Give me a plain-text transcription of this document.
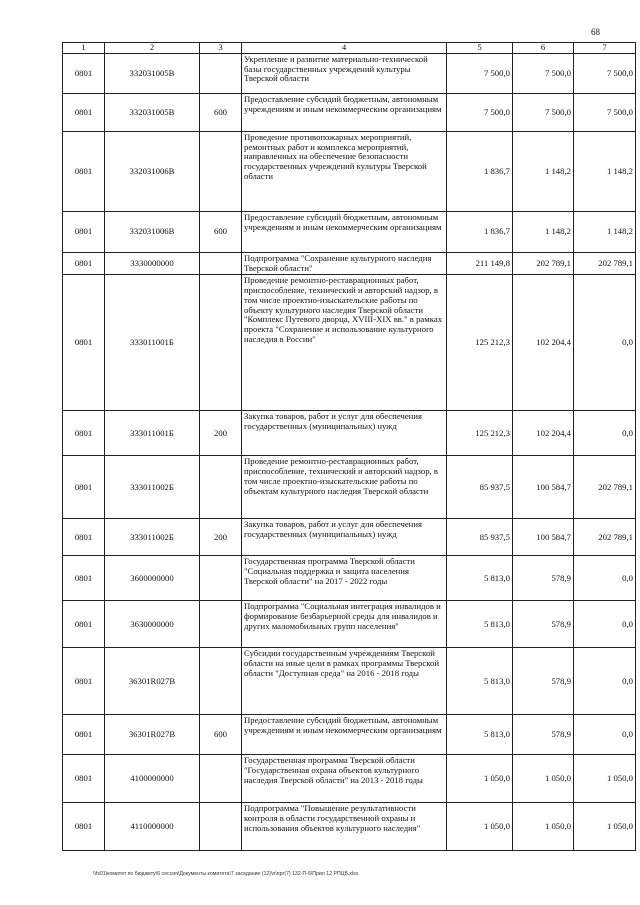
68
1	2	3	4	5	6	7
0801	332031005В		Укрепление и развитие материально-технической базы государственных учреждений культуры Тверской области	7 500,0	7 500,0	7 500,0
0801	332031005В	600	Предоставление субсидий бюджетным, автономным учреждениям и иным некоммерческим организациям	7 500,0	7 500,0	7 500,0
0801	332031006В		Проведение противопожарных мероприятий, ремонтных работ и комплекса мероприятий, направленных на обеспечение безопасности государственных учреждений культуры Тверской области	1 836,7	1 148,2	1 148,2
0801	332031006В	600	Предоставление субсидий бюджетным, автономным учреждениям и иным некоммерческим организациям	1 836,7	1 148,2	1 148,2
0801	3330000000		Подпрограмма "Сохранение культурного наследия Тверской области"	211 149,8	202 789,1	202 789,1
0801	333011001Б		Проведение ремонтно-реставрационных работ, приспособление, технический и авторский надзор, в том числе проектно-изыскательские работы по объекту культурного наследия Тверской области "Комплекс Путевого дворца, XVIII-XIX вв." в рамках проекта "Сохранение и использование культурного наследия в России"	125 212,3	102 204,4	0,0
0801	333011001Б	200	Закупка товаров, работ и услуг для обеспечения государственных (муниципальных) нужд	125 212,3	102 204,4	0,0
0801	333011002Б		Проведение ремонтно-реставрационных работ, приспособление, технический и авторский надзор, в том числе проектно-изыскательские работы по объектам культурного наследия Тверской области	85 937,5	100 584,7	202 789,1
0801	333011002Б	200	Закупка товаров, работ и услуг для обеспечения государственных (муниципальных) нужд	85 937,5	100 584,7	202 789,1
0801	3600000000		Государственная программа Тверской области "Социальная поддержка и защита населения Тверской области" на 2017 - 2022 годы	5 813,0	578,9	0,0
0801	3630000000		Подпрограмма "Социальная интеграция инвалидов и формирование безбарьерной среды для инвалидов и других маломобильных групп населения"	5 813,0	578,9	0,0
0801	36301R027В		Субсидии государственным учреждениям Тверской области на иные цели в рамках программы Тверской области "Доступная среда" на 2016 - 2018 годы	5 813,0	578,9	0,0
0801	36301R027В	600	Предоставление субсидий бюджетным, автономным учреждениям и иным некоммерческим организациям	5 813,0	578,9	0,0
0801	4100000000		Государственная программа Тверской области "Государственная охрана объектов культурного наследия Тверской области" на 2013 - 2018 годы	1 050,0	1 050,0	1 050,0
0801	4110000000		Подпрограмма "Повышение результативности контроля в области государственной охраны и использования объектов культурного наследия"	1 050,0	1 050,0	1 050,0
\\fs01\комитет по бюджету\6 сессия\Документы комитета\7 заседание (12)\п\прг(7) 132-П-6\Прил 12 РПЦВ.xlsx
